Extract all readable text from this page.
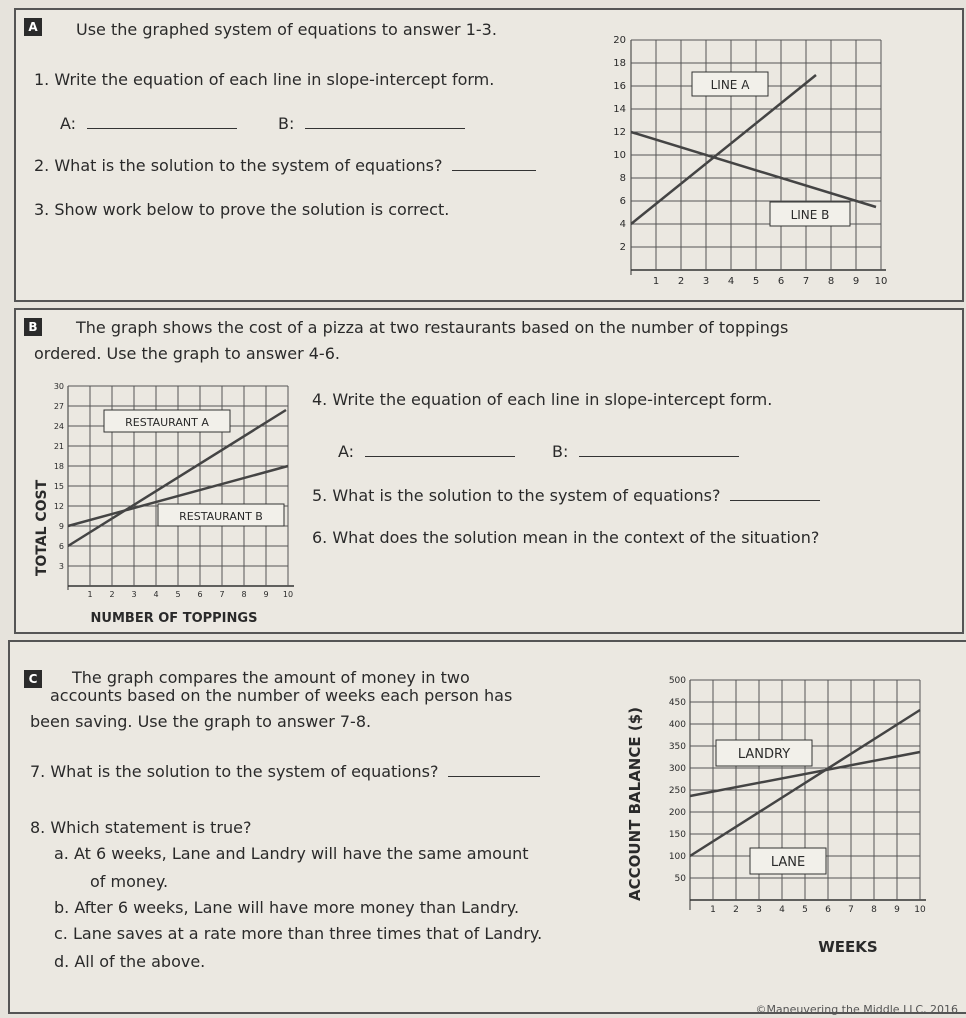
A Use the graphed system of equations to answer 1-3.
1. Write the equation of each line in slope-intercept form.
A:	B:
2. What is the solution to the system of equations?
3. Show work below to prove the solution is correct.
2
4
6
8
10
12
14
16
18
20
1 2 3 4 5 6 7 8 9 10
LINE A
LINE B
B The graph shows the cost of a pizza at two restaurants based on the number of toppings
ordered. Use the graph to answer 4-6.
4. Write the equation of each line in slope-intercept form.
A:	B:
5. What is the solution to the system of equations?
6. What does the solution mean in the context of the situation?
TOTAL COST 3
6
9
12
15
18
21
24
27
30
1 2 3 4 5 6 7 8 9 10
NUMBER OF TOPPINGS
RESTAURANT A
RESTAURANT B
C The graph compares the amount of money in two
accounts based on the number of weeks each person has
been saving. Use the graph to answer 7-8.
7. What is the solution to the system of equations?
8. Which statement is true?
a. At 6 weeks, Lane and Landry will have the same amount
of money.
b. After 6 weeks, Lane will have more money than Landry.
c. Lane saves at a rate more than three times that of Landry.
d. All of the above.
ACCOUNT BALANCE ($)	50
100
150
200
250
300
350
400
450
500
1 2 3 4 5 6 7 8 9 10
WEEKS
LANDRY
LANE
©Maneuvering the Middle LLC, 2016
